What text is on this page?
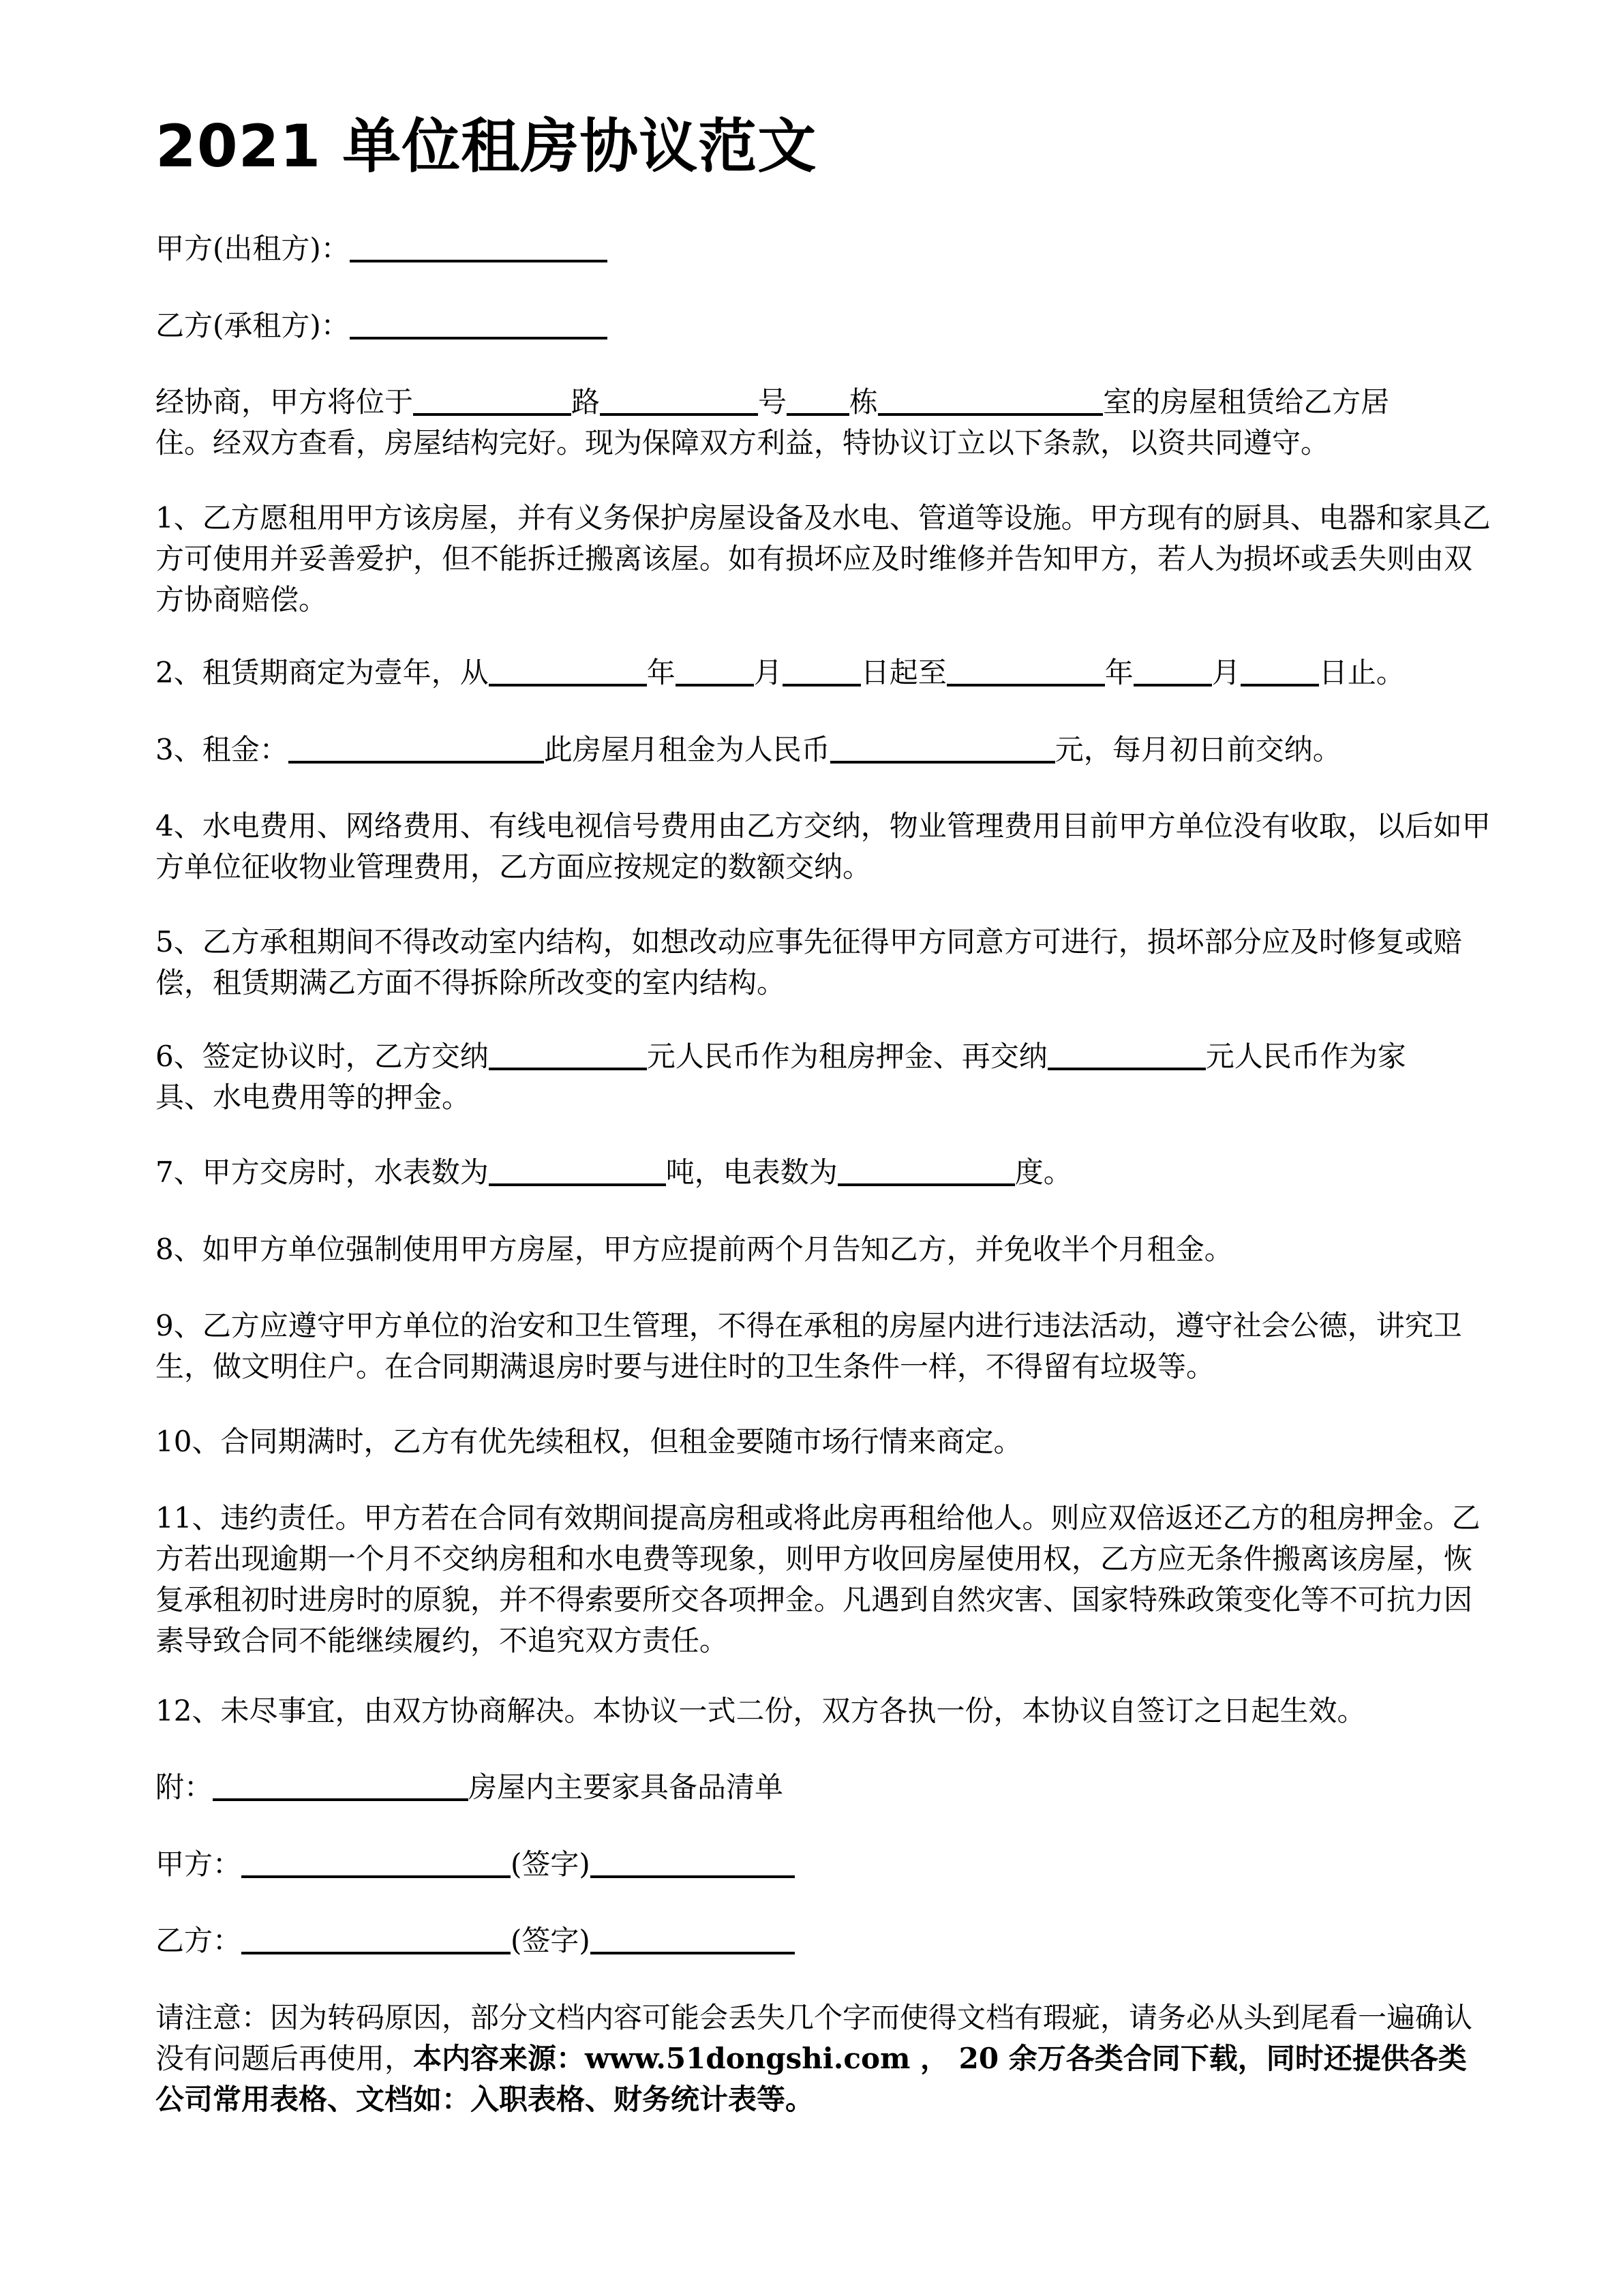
2021 单位租房协议范文

甲方(出租方)：

乙方(承租方)：

经协商，甲方将位于	路	号 栋	室的房屋租赁给乙方居
住。经双方查看，房屋结构完好。现为保障双方利益，特协议订立以下条款，以资共同遵守。

1、乙方愿租用甲方该房屋，并有义务保护房屋设备及水电、管道等设施。甲方现有的厨具、电器和家具乙方可使用并妥善爱护，但不能拆迁搬离该屋。如有损坏应及时维修并告知甲方，若人为损坏或丢失则由双方协商赔偿。

2、租赁期商定为壹年，从	年	月	日起至	年	月	日止。

3、租金：	此房屋月租金为人民币	元，每月初日前交纳。

4、水电费用、网络费用、有线电视信号费用由乙方交纳，物业管理费用目前甲方单位没有收取，以后如甲方单位征收物业管理费用，乙方面应按规定的数额交纳。

5、乙方承租期间不得改动室内结构，如想改动应事先征得甲方同意方可进行，损坏部分应及时修复或赔偿，租赁期满乙方面不得拆除所改变的室内结构。

6、签定协议时，乙方交纳	元人民币作为租房押金、再交纳	元人民币作为家
具、水电费用等的押金。

7、甲方交房时，水表数为	吨，电表数为	度。

8、如甲方单位强制使用甲方房屋，甲方应提前两个月告知乙方，并免收半个月租金。

9、乙方应遵守甲方单位的治安和卫生管理，不得在承租的房屋内进行违法活动，遵守社会公德，讲究卫生，做文明住户。在合同期满退房时要与进住时的卫生条件一样，不得留有垃圾等。

10、合同期满时，乙方有优先续租权，但租金要随市场行情来商定。

11、违约责任。甲方若在合同有效期间提高房租或将此房再租给他人。则应双倍返还乙方的租房押金。乙方若出现逾期一个月不交纳房租和水电费等现象，则甲方收回房屋使用权，乙方应无条件搬离该房屋，恢复承租初时进房时的原貌，并不得索要所交各项押金。凡遇到自然灾害、国家特殊政策变化等不可抗力因素导致合同不能继续履约，不追究双方责任。

12、未尽事宜，由双方协商解决。本协议一式二份，双方各执一份，本协议自签订之日起生效。

附：	房屋内主要家具备品清单

甲方：	(签字)

乙方：	(签字)

请注意：因为转码原因，部分文档内容可能会丢失几个字而使得文档有瑕疵，请务必从头到尾看一遍确认没有问题后再使用，本内容来源：www.51dongshi.com ， 20 余万各类合同下载，同时还提供各类公司常用表格、文档如：入职表格、财务统计表等。
